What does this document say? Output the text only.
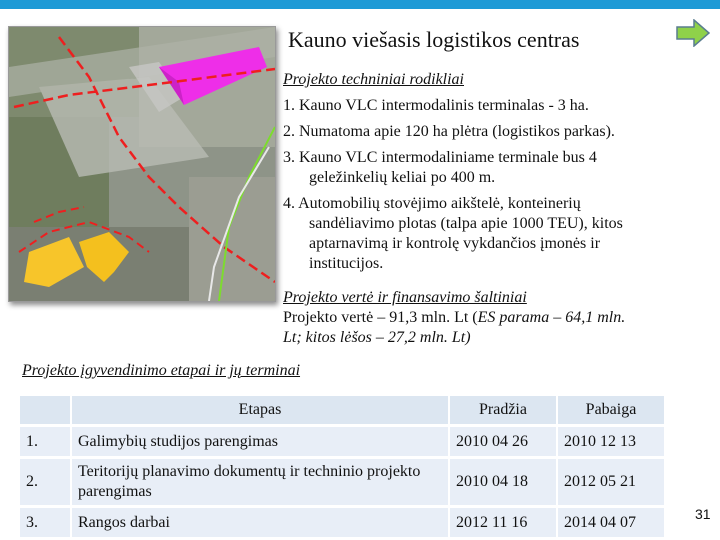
Kauno viešasis logistikos centras
Projekto techniniai rodikliai
1. Kauno VLC intermodalinis terminalas - 3 ha.
2. Numatoma apie 120 ha plėtra (logistikos parkas).
3. Kauno VLC intermodaliniame terminale bus 4
geležinkelių keliai po 400 m.
4. Automobilių stovėjimo aikštelė, konteinerių
sandėliavimo plotas (talpa apie 1000 TEU), kitos
aptarnavimą ir kontrolę vykdančios įmonės ir
institucijos.
Projekto vertė ir finansavimo šaltiniai
Projekto vertė – 91,3 mln. Lt (ES parama – 64,1 mln.
Lt; kitos lėšos – 27,2 mln. Lt)
Projekto įgyvendinimo etapai ir jų terminai
		Etapas		Pradžia		Pabaiga
1.		Galimybių studijos parengimas		2010 04 26		2010 12 13
2.		Teritorijų planavimo dokumentų ir techninio projekto parengimas		2010 04 18		2012 05 21
3.		Rangos darbai		2012 11 16		2014 04 07	31
